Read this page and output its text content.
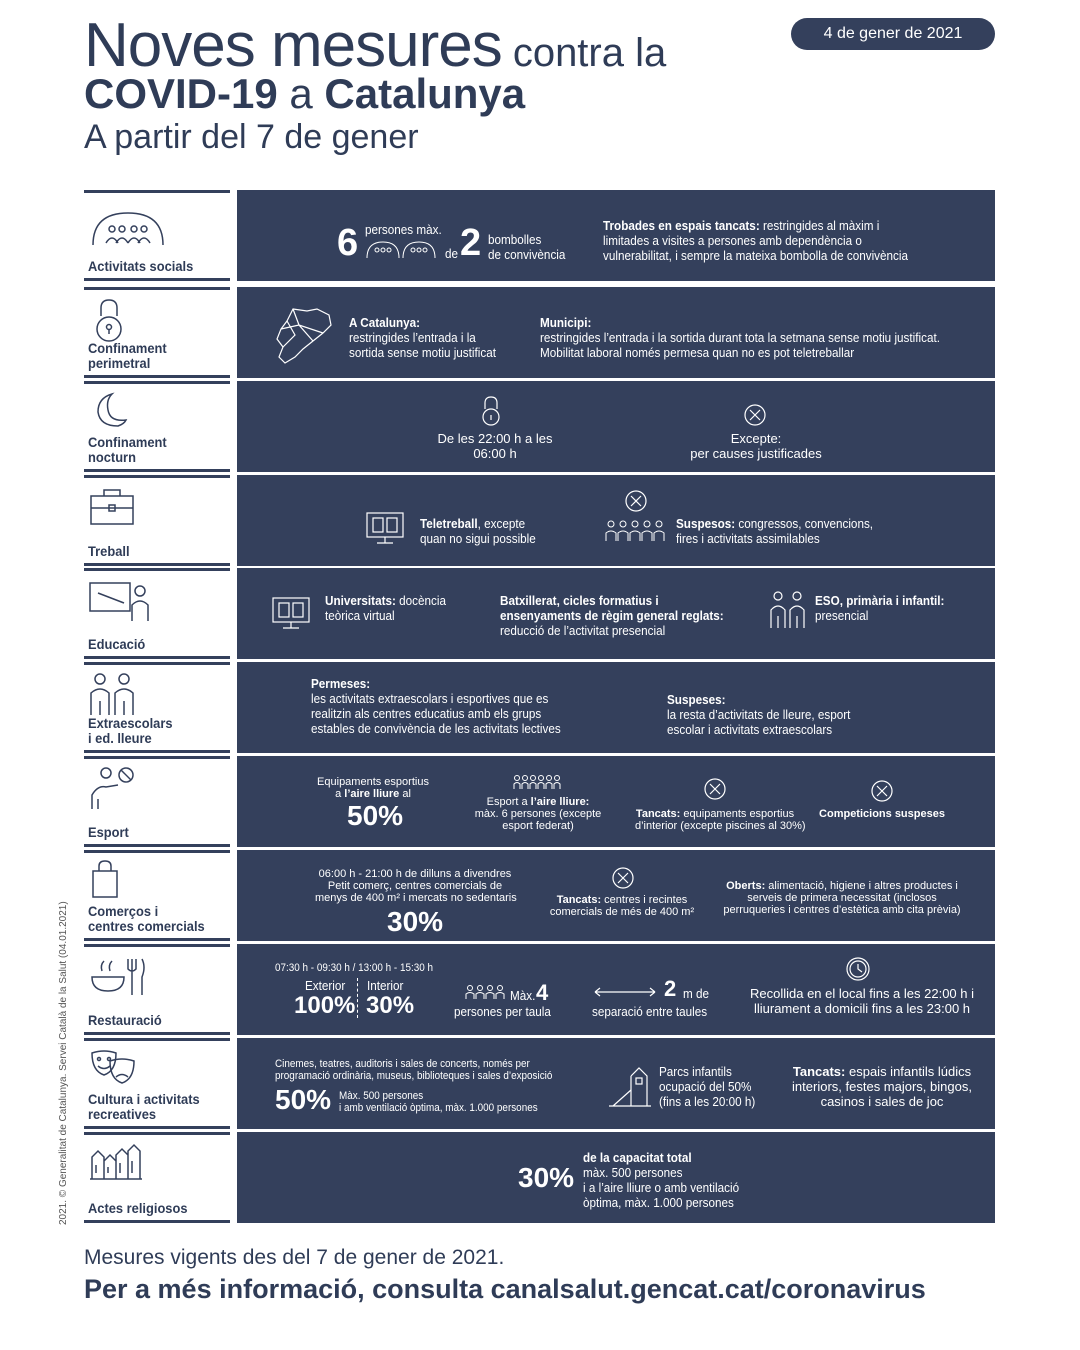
4 de gener de 2021
Noves mesures contra la
COVID-19 a Catalunya
A partir del 7 de gener
2021. © Generalitat de Catalunya. Servei Català de la Salut (04.01.2021)
Activitats socials
6 persones màx.
de 2 bombolles
de convivència
Trobades en espais tancats: restringides al màxim i
limitades a visites a persones amb dependència o
vulnerabilitat, i sempre la mateixa bombolla de convivència
Confinament
perimetral
A Catalunya:
restringides l’entrada i la
sortida sense motiu justificat
Municipi:
restringides l’entrada i la sortida durant tota la setmana sense motiu justificat.
Mobilitat laboral només permesa quan no es pot teletreballar
Confinament
nocturn
De les 22:00 h a les
06:00 h
Excepte:
per causes justificades
Treball
Teletreball, excepte
quan no sigui possible
Suspesos: congressos, convencions,
fires i activitats assimilables
Educació
Universitats: docència
teòrica virtual
Batxillerat, cicles formatius i
ensenyaments de règim general reglats:
reducció de l’activitat presencial
ESO, primària i infantil:
presencial
Extraescolars
i ed. lleure
Permeses:
les activitats extraescolars i esportives que es
realitzin als centres educatius amb els grups
estables de convivència de les activitats lectives
Suspeses:
la resta d’activitats de lleure, esport
escolar i activitats extraescolars
Esport
Equipaments esportius
a l’aire lliure al
50%	Esport a l’aire lliure:
màx. 6 persones (excepte
esport federat)
Tancats: equipaments esportius
d’interior (excepte piscines al 30%)
Competicions suspeses
Comerços i
centres comercials
06:00 h - 21:00 h de dilluns a divendres
Petit comerç, centres comercials de
menys de 400 m² i mercats no sedentaris
30%
Tancats: centres i recintes
comercials de més de 400 m²
Oberts: alimentació, higiene i altres productes i
serveis de primera necessitat (inclosos
perruqueries i centres d’estètica amb cita prèvia)
Restauració
07:30 h - 09:30 h / 13:00 h - 15:30 h
Exterior Interior
100% 30%	Màx. 4
persones per taula
2 m de
separació entre taules
Recollida en el local fins a les 22:00 h i
lliurament a domicili fins a les 23:00 h
Cultura i activitats
recreatives
Cinemes, teatres, auditoris i sales de concerts, només per
programació ordinària, museus, biblioteques i sales d’exposició
50% Màx. 500 persones
i amb ventilació òptima, màx. 1.000 persones
Parcs infantils
ocupació del 50%
(fins a les 20:00 h)
Tancats: espais infantils lúdics
interiors, festes majors, bingos,
casinos i sales de joc
Actes religiosos
30%
de la capacitat total
màx. 500 persones
i a l’aire lliure o amb ventilació
òptima, màx. 1.000 persones
Mesures vigents des del 7 de gener de 2021.
Per a més informació, consulta canalsalut.gencat.cat/coronavirus
